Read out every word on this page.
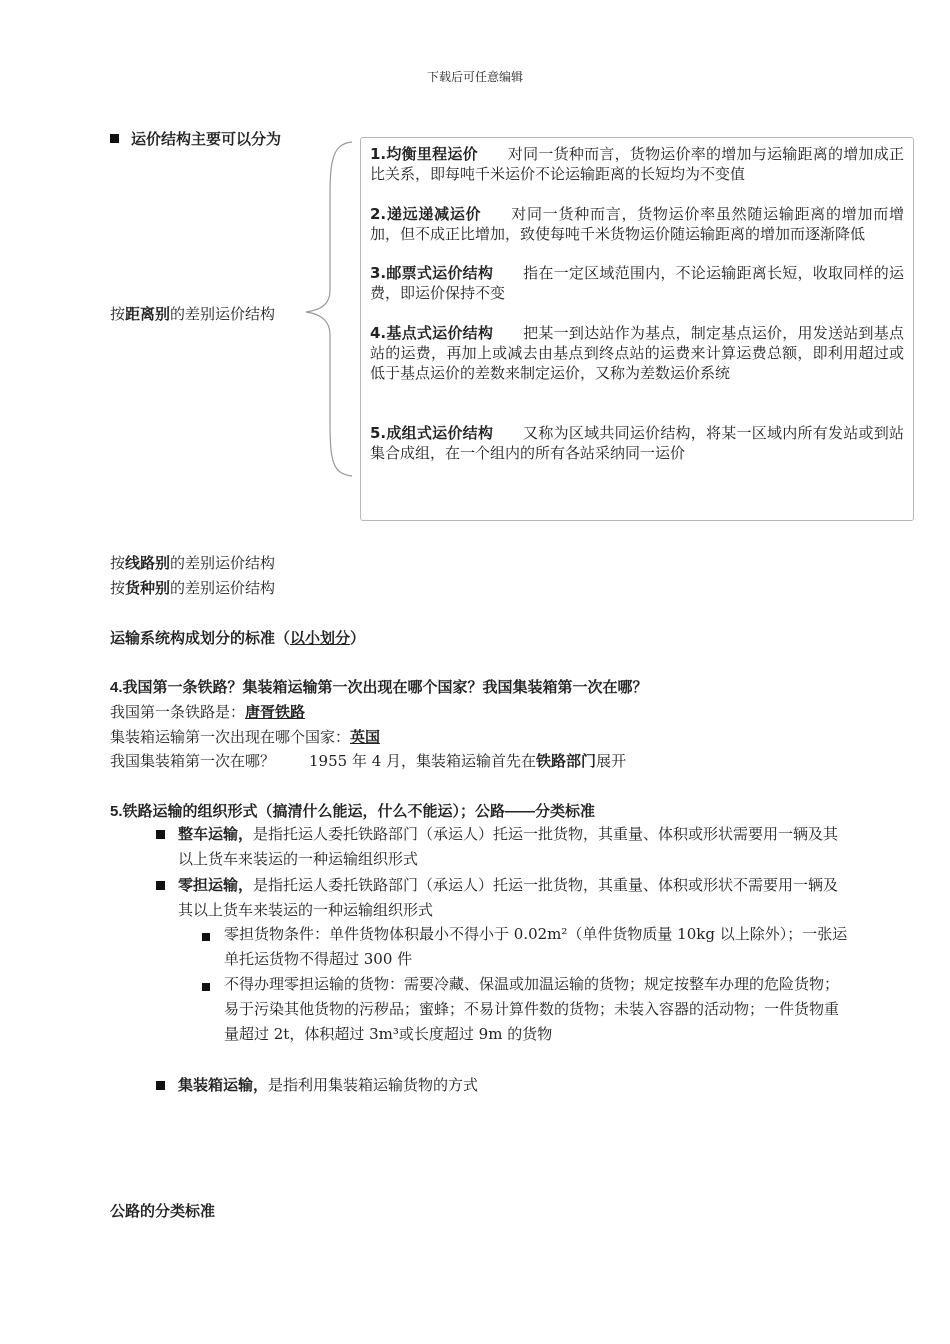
下载后可任意编辑
运价结构主要可以分为
按距离别的差别运价结构
1.均衡里程运价 对同一货种而言，货物运价率的增加与运输距离的增加成正比关系，即每吨千米运价不论运输距离的长短均为不变值
2.递远递减运价 对同一货种而言，货物运价率虽然随运输距离的增加而增加，但不成正比增加，致使每吨千米货物运价随运输距离的增加而逐渐降低
3.邮票式运价结构 指在一定区域范围内，不论运输距离长短，收取同样的运费，即运价保持不变
4.基点式运价结构 把某一到达站作为基点，制定基点运价，用发送站到基点站的运费，再加上或减去由基点到终点站的运费来计算运费总额，即利用超过或低于基点运价的差数来制定运价，又称为差数运价系统
5.成组式运价结构 又称为区域共同运价结构，将某一区域内所有发站或到站集合成组，在一个组内的所有各站采纳同一运价
按线路别的差别运价结构
按货种别的差别运价结构
运输系统构成划分的标准（以小划分）
4.我国第一条铁路？集装箱运输第一次出现在哪个国家？我国集装箱第一次在哪？
我国第一条铁路是：唐胥铁路
集装箱运输第一次出现在哪个国家：英国
我国集装箱第一次在哪？ 1955 年 4 月，集装箱运输首先在铁路部门展开
5.铁路运输的组织形式（搞清什么能运，什么不能运）；公路——分类标准
整车运输，是指托运人委托铁路部门（承运人）托运一批货物，其重量、体积或形状需要用一辆及其以上货车来装运的一种运输组织形式
零担运输，是指托运人委托铁路部门（承运人）托运一批货物，其重量、体积或形状不需要用一辆及其以上货车来装运的一种运输组织形式
零担货物条件：单件货物体积最小不得小于 0.02m²（单件货物质量 10kg 以上除外）；一张运单托运货物不得超过 300 件
不得办理零担运输的货物：需要冷藏、保温或加温运输的货物；规定按整车办理的危险货物；易于污染其他货物的污秽品；蜜蜂；不易计算件数的货物；未装入容器的活动物；一件货物重量超过 2t，体积超过 3m³或长度超过 9m 的货物
集装箱运输，是指利用集装箱运输货物的方式
公路的分类标准
